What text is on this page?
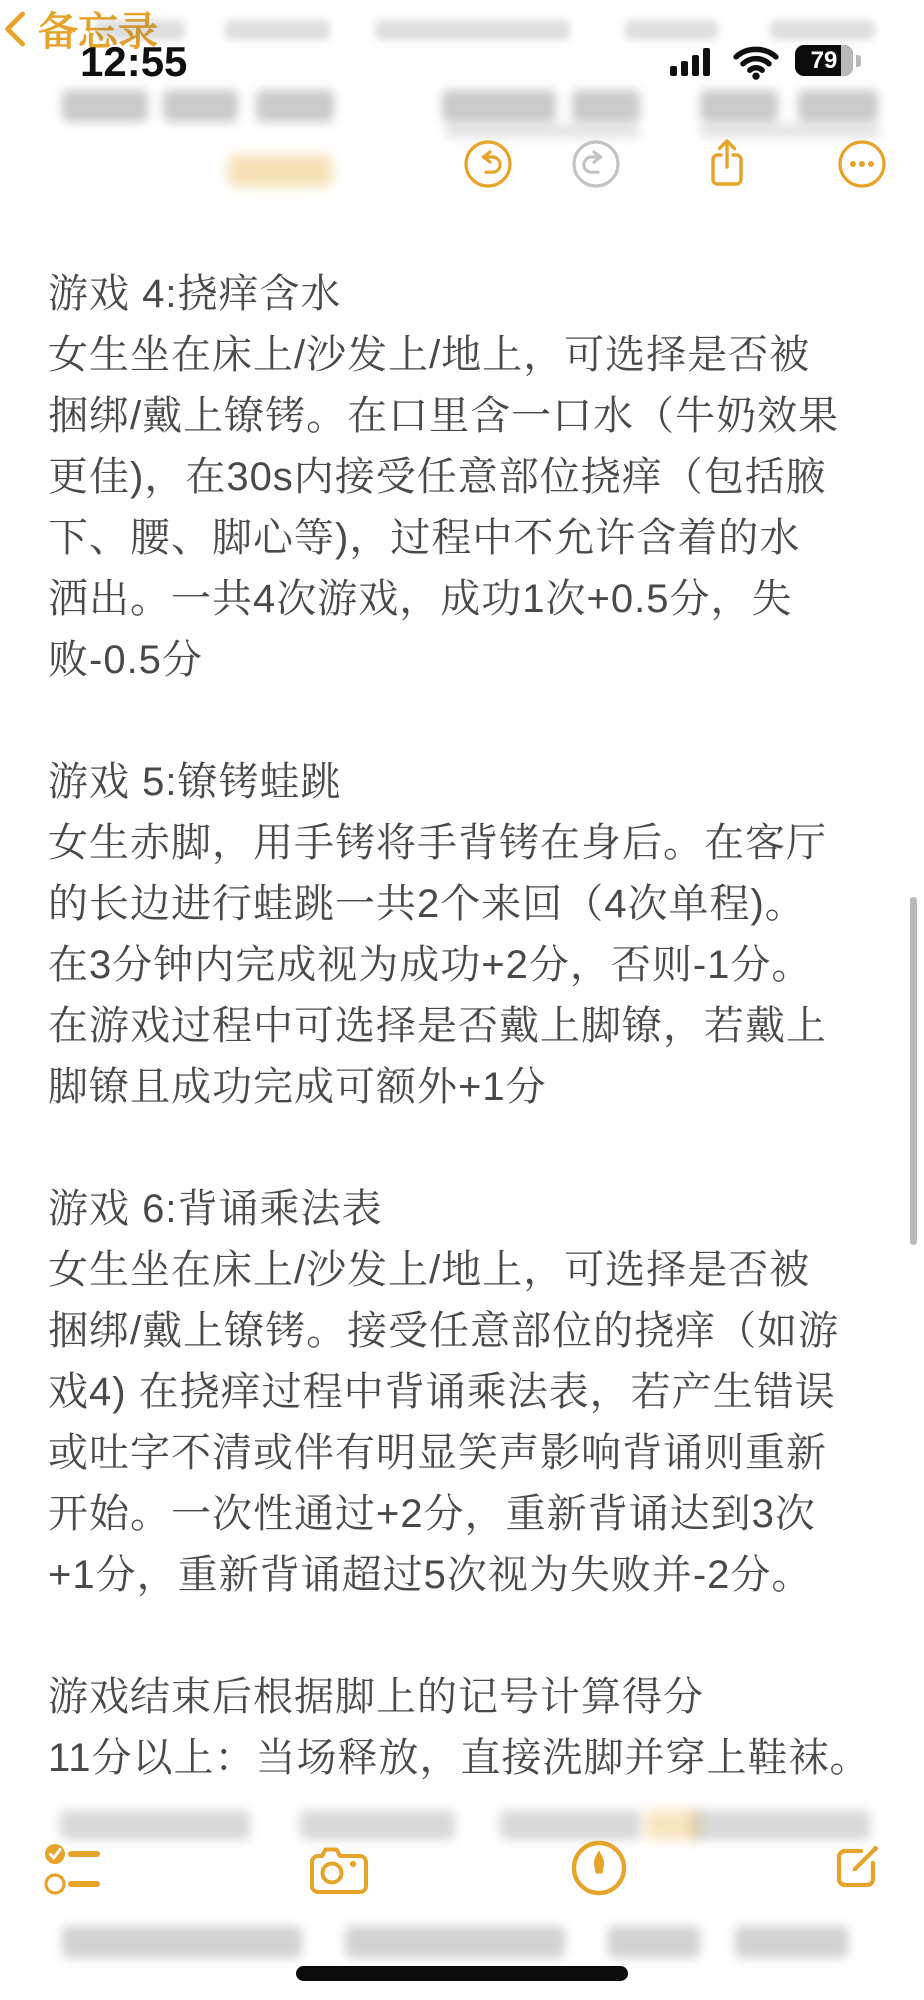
12:55	79
备忘录
游戏 4:挠痒含水
女生坐在床上/沙发上/地上，可选择是否被
捆绑/戴上镣铐。在口里含一口水（牛奶效果
更佳)，在30s内接受任意部位挠痒（包括腋
下、腰、脚心等)，过程中不允许含着的水
洒出。一共4次游戏，成功1次+0.5分，失
败-0.5分
游戏 5:镣铐蛙跳
女生赤脚，用手铐将手背铐在身后。在客厅
的长边进行蛙跳一共2个来回（4次单程)。
在3分钟内完成视为成功+2分，否则-1分。
在游戏过程中可选择是否戴上脚镣，若戴上
脚镣且成功完成可额外+1分
游戏 6:背诵乘法表
女生坐在床上/沙发上/地上，可选择是否被
捆绑/戴上镣铐。接受任意部位的挠痒（如游
戏4) 在挠痒过程中背诵乘法表，若产生错误
或吐字不清或伴有明显笑声影响背诵则重新
开始。一次性通过+2分，重新背诵达到3次
+1分，重新背诵超过5次视为失败并-2分。
游戏结束后根据脚上的记号计算得分
11分以上：当场释放，直接洗脚并穿上鞋袜。
